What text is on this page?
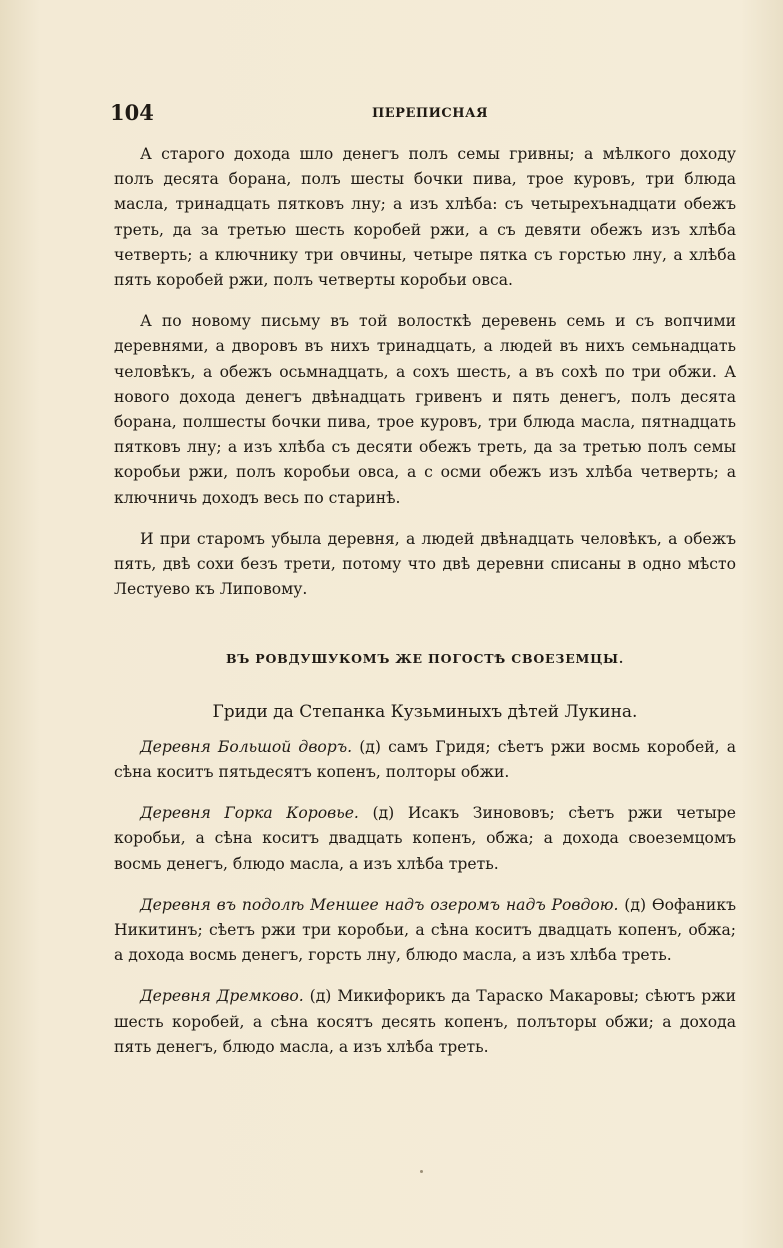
104	ПЕРЕПИСНАЯ

А старого дохода шло денегъ полъ семы гривны; а мѣлкого доходу полъ десята борана, полъ шесты бочки пива, трое куровъ, три блюда масла, тринадцать пятковъ лну; а изъ хлѣба: съ четырехънадцати обежъ треть, да за третью шесть коробей ржи, а съ девяти обежъ изъ хлѣба четверть; а ключнику три овчины, четыре пятка съ горстью лну, а хлѣба пять коробей ржи, полъ четверты коробьи овса.

А по новому письму въ той волосткѣ деревень семь и съ вопчими деревнями, а дворовъ въ нихъ тринадцать, а людей въ нихъ семьнадцать человѣкъ, а обежъ осьмнадцать, а сохъ шесть, а въ сохѣ по три обжи. А нового дохода денегъ двѣнадцать гривенъ и пять денегъ, полъ десята борана, полшесты бочки пива, трое куровъ, три блюда масла, пятнадцать пятковъ лну; а изъ хлѣба съ десяти обежъ треть, да за третью полъ семы коробьи ржи, полъ коробьи овса, а с осми обежъ изъ хлѣба четверть; а ключничь доходъ весь по старинѣ.

И при старомъ убыла деревня, а людей двѣнадцать человѣкъ, а обежъ пять, двѣ сохи безъ трети, потому что двѣ деревни списаны в одно мѣсто Лестуево къ Липовому.

ВЪ РОВДУШУКОМЪ ЖЕ ПОГОСТѢ СВОЕЗЕМЦЫ.
Гриди да Степанка Кузьминыхъ дѣтей Лукина.

Деревня Большой дворъ. (д) самъ Гридя; сѣетъ ржи восмь коробей, а сѣна коситъ пятьдесятъ копенъ, полторы обжи.

Деревня Горка Коровье. (д) Исакъ Зинововъ; сѣетъ ржи четыре коробьи, а сѣна коситъ двадцать копенъ, обжа; а дохода своеземцомъ восмь денегъ, блюдо масла, а изъ хлѣба треть.

Деревня въ подолѣ Меншее надъ озеромъ надъ Ровдою. (д) Ѳофаникъ Никитинъ; сѣетъ ржи три коробьи, а сѣна коситъ двадцать копенъ, обжа; а дохода восмь денегъ, горсть лну, блюдо масла, а изъ хлѣба треть.

Деревня Дремково. (д) Микифорикъ да Тараско Макаровы; сѣютъ ржи шесть коробей, а сѣна косятъ десять копенъ, полъторы обжи; а дохода пять денегъ, блюдо масла, а изъ хлѣба треть.
